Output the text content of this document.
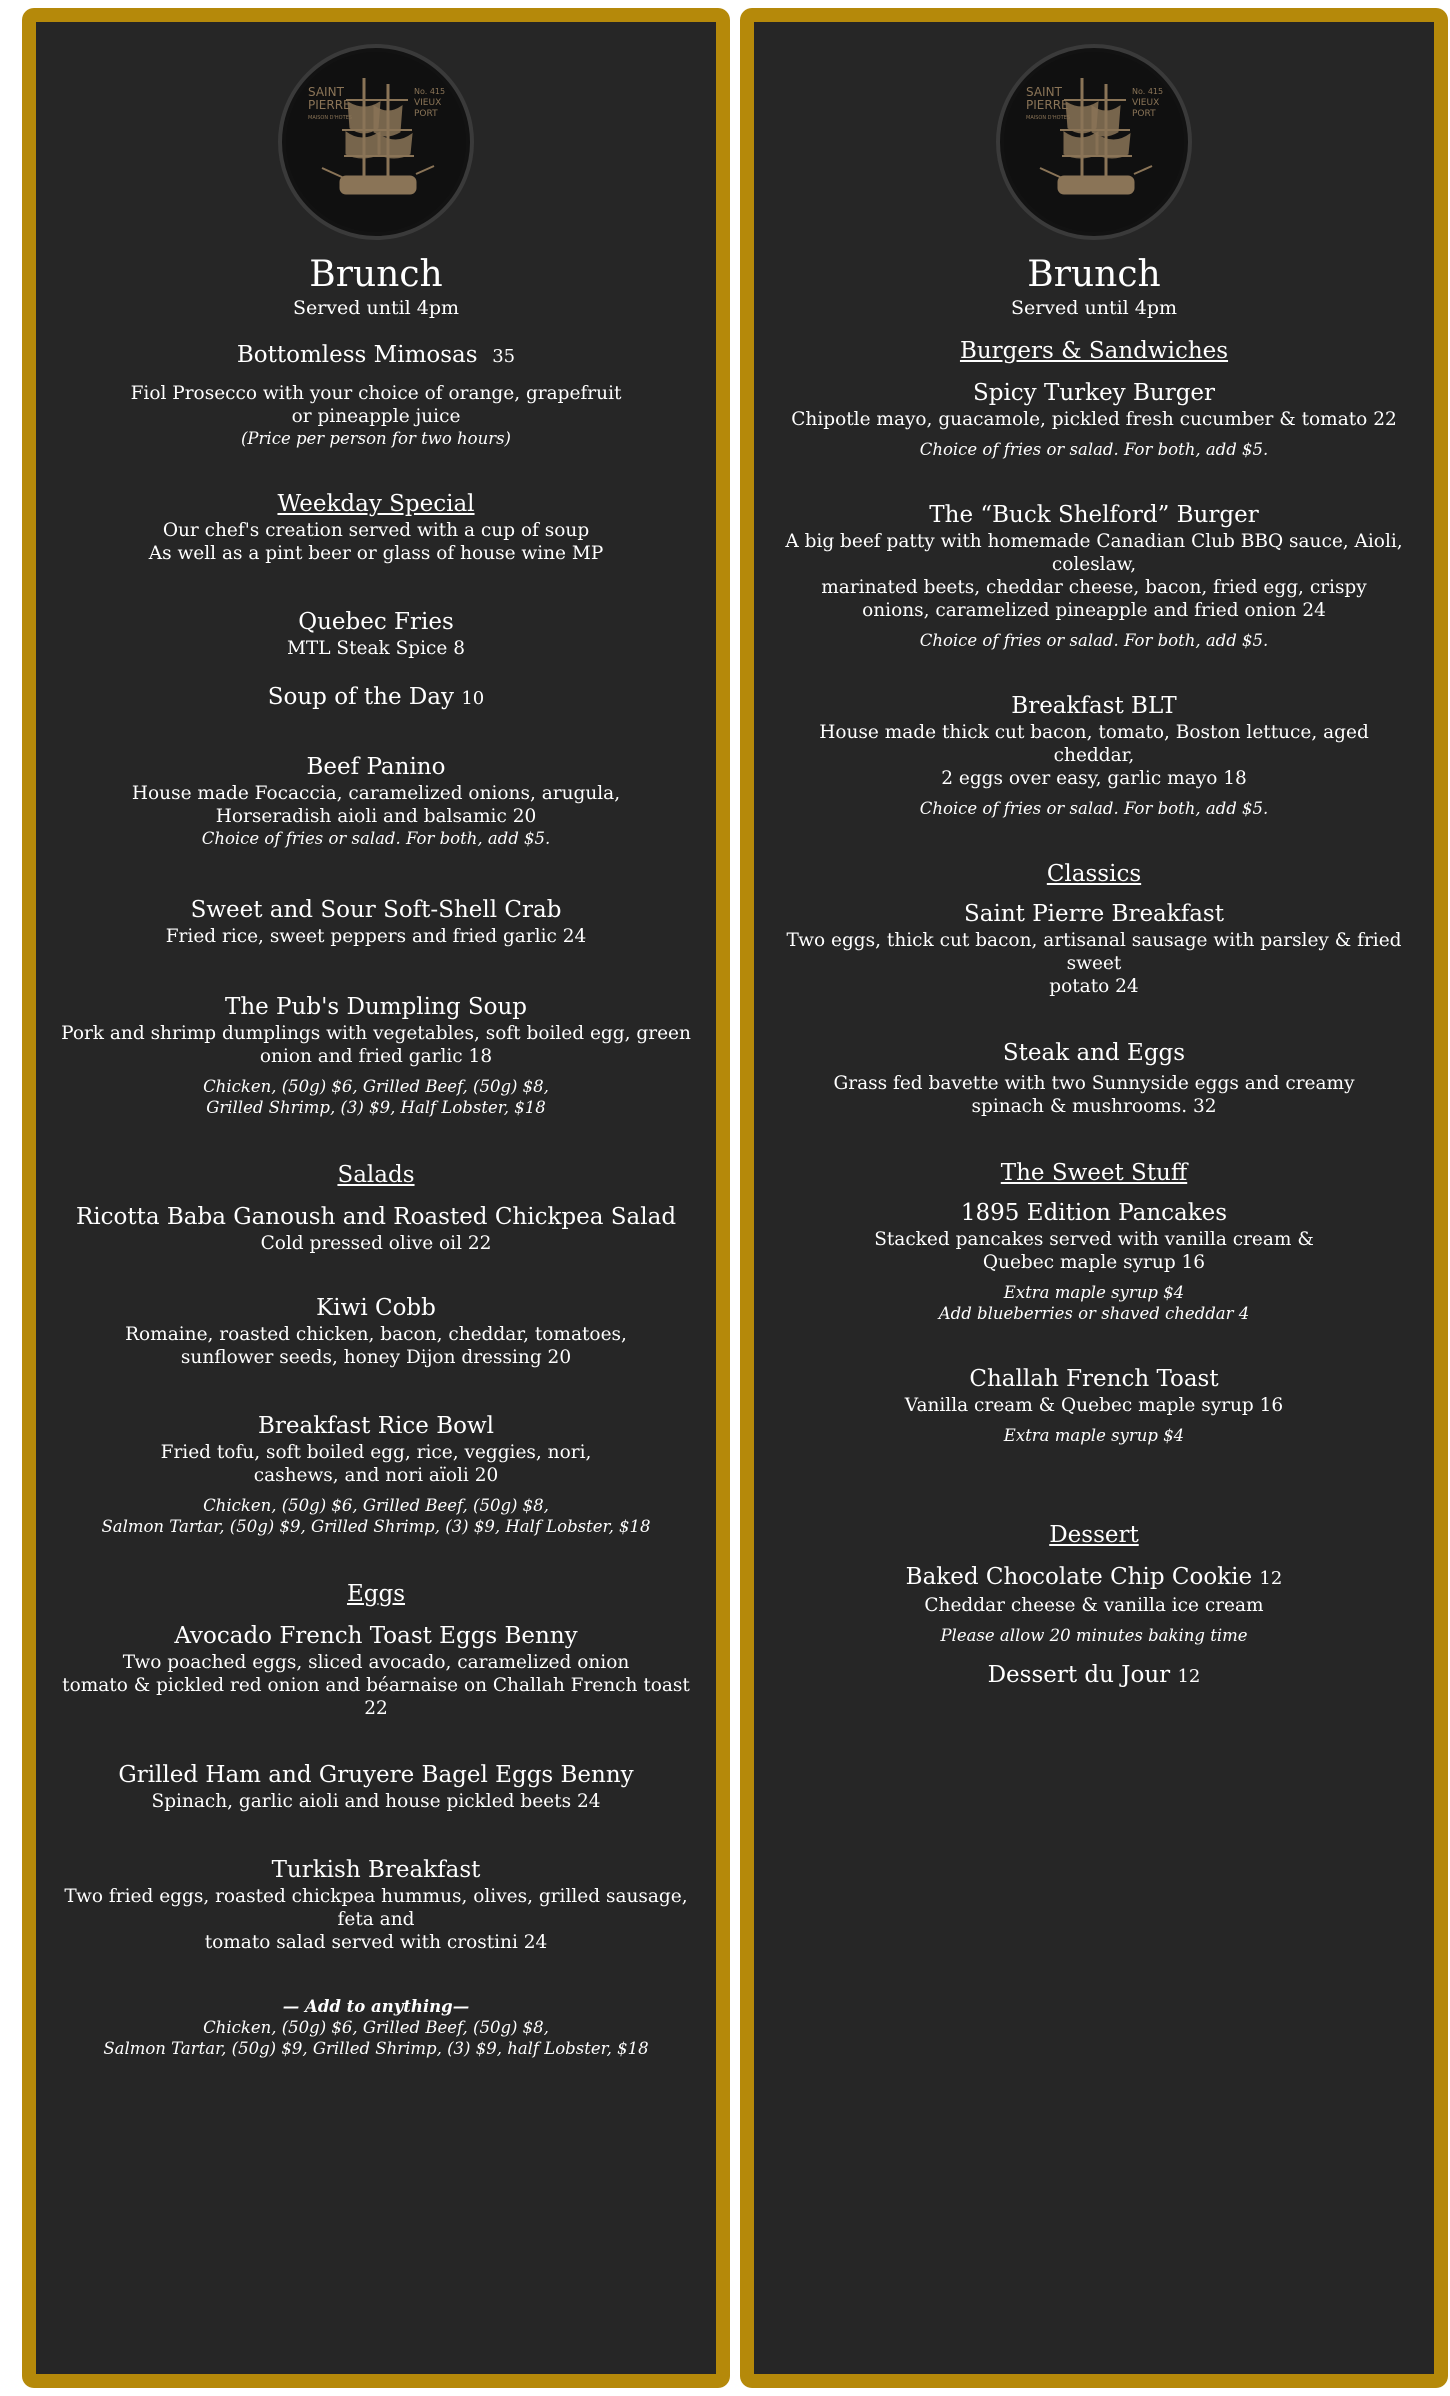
SAINT
PIERRE
MAISON D'HOTES
No. 415
VIEUX
PORT
Brunch
Served until 4pm
Bottomless Mimosas 35
Fiol Prosecco with your choice of orange, grapefruit
or pineapple juice
(Price per person for two hours)
Weekday Special
Our chef's creation served with a cup of soup
As well as a pint beer or glass of house wine MP
Quebec Fries
MTL Steak Spice 8
Soup of the Day 10
Beef Panino
House made Focaccia, caramelized onions, arugula,
Horseradish aioli and balsamic 20
Choice of fries or salad. For both, add $5.
Sweet and Sour Soft-Shell Crab
Fried rice, sweet peppers and fried garlic 24
The Pub's Dumpling Soup
Pork and shrimp dumplings with vegetables, soft boiled egg, green
onion and fried garlic 18
Chicken, (50g) $6, Grilled Beef, (50g) $8,
Grilled Shrimp, (3) $9, Half Lobster, $18
Salads
Ricotta Baba Ganoush and Roasted Chickpea Salad
Cold pressed olive oil 22
Kiwi Cobb
Romaine, roasted chicken, bacon, cheddar, tomatoes,
sunflower seeds, honey Dijon dressing 20
Breakfast Rice Bowl
Fried tofu, soft boiled egg, rice, veggies, nori,
cashews, and nori aïoli 20
Chicken, (50g) $6, Grilled Beef, (50g) $8,
Salmon Tartar, (50g) $9, Grilled Shrimp, (3) $9, Half Lobster, $18
Eggs
Avocado French Toast Eggs Benny
Two poached eggs, sliced avocado, caramelized onion
tomato & pickled red onion and béarnaise on Challah French toast 22
Grilled Ham and Gruyere Bagel Eggs Benny
Spinach, garlic aioli and house pickled beets 24
Turkish Breakfast
Two fried eggs, roasted chickpea hummus, olives, grilled sausage, feta and
tomato salad served with crostini 24
— Add to anything—
Chicken, (50g) $6, Grilled Beef, (50g) $8,
Salmon Tartar, (50g) $9, Grilled Shrimp, (3) $9, half Lobster, $18
SAINT
PIERRE
MAISON D'HOTES
No. 415
VIEUX
PORT
Brunch
Served until 4pm
Burgers & Sandwiches
Spicy Turkey Burger
Chipotle mayo, guacamole, pickled fresh cucumber & tomato 22
Choice of fries or salad. For both, add $5.
The “Buck Shelford” Burger
A big beef patty with homemade Canadian Club BBQ sauce, Aioli, coleslaw,
marinated beets, cheddar cheese, bacon, fried egg, crispy
onions, caramelized pineapple and fried onion 24
Choice of fries or salad. For both, add $5.
Breakfast BLT
House made thick cut bacon, tomato, Boston lettuce, aged cheddar,
2 eggs over easy, garlic mayo 18
Choice of fries or salad. For both, add $5.
Classics
Saint Pierre Breakfast
Two eggs, thick cut bacon, artisanal sausage with parsley & fried sweet
potato 24
Steak and Eggs
Grass fed bavette with two Sunnyside eggs and creamy
spinach & mushrooms. 32
The Sweet Stuff
1895 Edition Pancakes
Stacked pancakes served with vanilla cream &
Quebec maple syrup 16
Extra maple syrup $4
Add blueberries or shaved cheddar 4
Challah French Toast
Vanilla cream & Quebec maple syrup 16
Extra maple syrup $4
Dessert
Baked Chocolate Chip Cookie 12
Cheddar cheese & vanilla ice cream
Please allow 20 minutes baking time
Dessert du Jour 12
